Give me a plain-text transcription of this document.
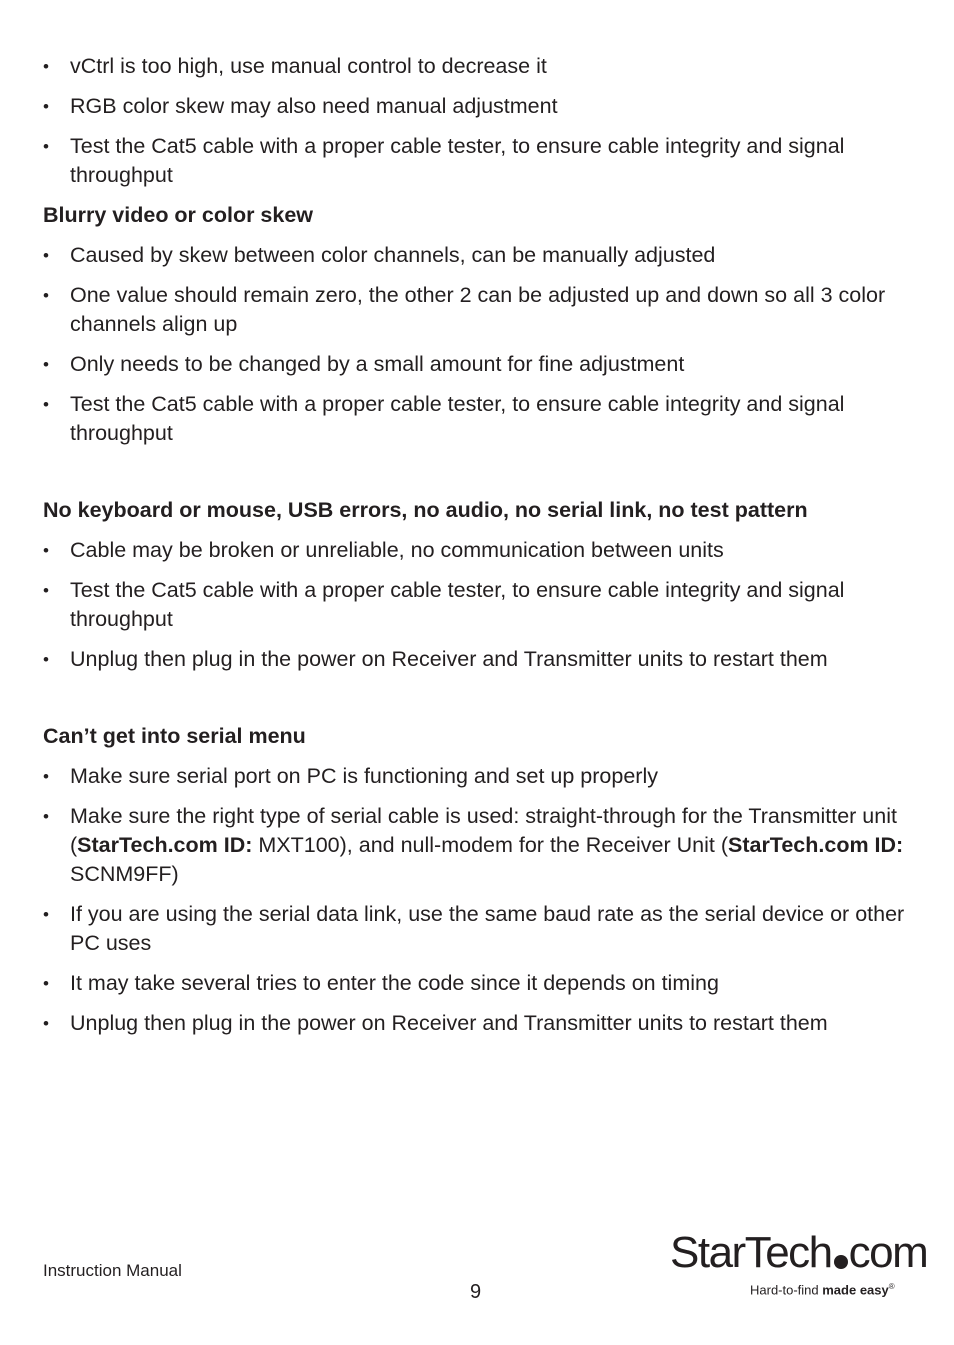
• vCtrl is too high, use manual control to decrease it
• RGB color skew may also need manual adjustment
• Test the Cat5 cable with a proper cable tester, to ensure cable integrity and signal throughput
Blurry video or color skew
• Caused by skew between color channels, can be manually adjusted
• One value should remain zero, the other 2 can be adjusted up and down so all 3 color channels align up
• Only needs to be changed by a small amount for fine adjustment
• Test the Cat5 cable with a proper cable tester, to ensure cable integrity and signal throughput
No keyboard or mouse, USB errors, no audio, no serial link, no test pattern
• Cable may be broken or unreliable, no communication between units
• Test the Cat5 cable with a proper cable tester, to ensure cable integrity and signal throughput
• Unplug then plug in the power on Receiver and Transmitter units to restart them
Can’t get into serial menu
• Make sure serial port on PC is functioning and set up properly
• Make sure the right type of serial cable is used: straight-through for the Transmitter unit (StarTech.com ID: MXT100), and null-modem for the Receiver Unit (StarTech.com ID: SCNM9FF)
• If you are using the serial data link, use the same baud rate as the serial device or other PC uses
• It may take several tries to enter the code since it depends on timing
• Unplug then plug in the power on Receiver and Transmitter units to restart them
Instruction Manual
9
StarTech com
Hard-to-find made easy®
